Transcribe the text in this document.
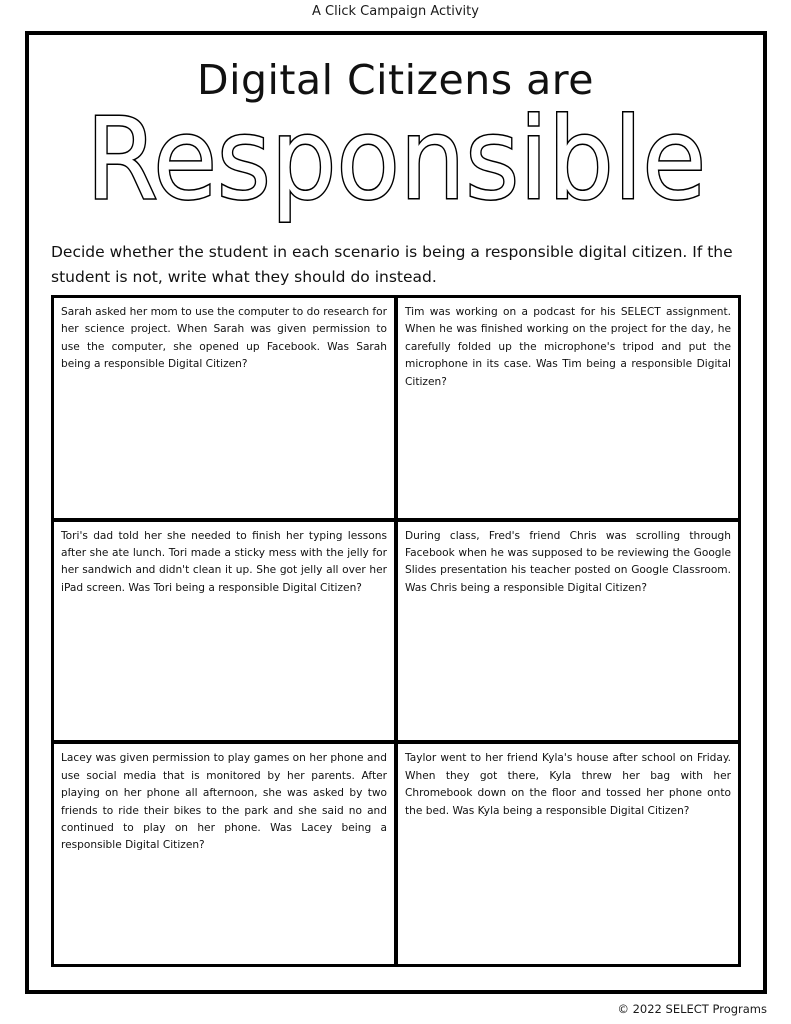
A Click Campaign Activity
Digital Citizens are
Responsible

Decide whether the student in each scenario is being a responsible digital citizen. If the student is not, write what they should do instead.

Sarah asked her mom to use the computer to do research for her science project. When Sarah was given permission to use the computer, she opened up Facebook. Was Sarah being a responsible Digital Citizen?

Tim was working on a podcast for his SELECT assignment. When he was finished working on the project for the day, he carefully folded up the microphone's tripod and put the microphone in its case. Was Tim being a responsible Digital Citizen?

Tori's dad told her she needed to finish her typing lessons after she ate lunch. Tori made a sticky mess with the jelly for her sandwich and didn't clean it up. She got jelly all over her iPad screen. Was Tori being a responsible Digital Citizen?

During class, Fred's friend Chris was scrolling through Facebook when he was supposed to be reviewing the Google Slides presentation his teacher posted on Google Classroom. Was Chris being a responsible Digital Citizen?

Lacey was given permission to play games on her phone and use social media that is monitored by her parents. After playing on her phone all afternoon, she was asked by two friends to ride their bikes to the park and she said no and continued to play on her phone. Was Lacey being a responsible Digital Citizen?

Taylor went to her friend Kyla's house after school on Friday. When they got there, Kyla threw her bag with her Chromebook down on the floor and tossed her phone onto the bed. Was Kyla being a responsible Digital Citizen?

© 2022 SELECT Programs
